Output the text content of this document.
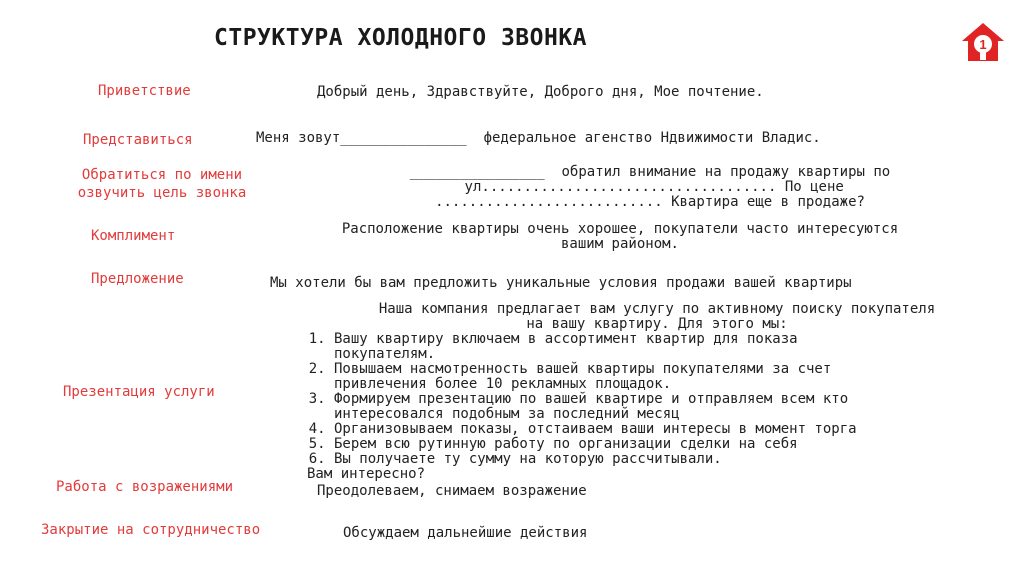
СТРУКТУРА ХОЛОДНОГО ЗВОНКА	1
Приветствие
Представиться
Обратиться по имени
озвучить цель звонка
Комплимент
Предложение
Презентация услуги
Работа с возражениями
Закрытие на сотрудничество
Добрый день, Здравствуйте, Доброго дня, Мое почтение.
Меня зовут_______________  федеральное агенство Ндвижимости Владис.
________________  обратил внимание на продажу квартиры по
ул................................... По цене
........................... Квартира еще в продаже?
Расположение квартиры очень хорошее, покупатели часто интересуются
вашим районом.
Мы хотели бы вам предложить уникальные условия продажи вашей квартиры
Наша компания предлагает вам услугу по активному поиску покупателя
на вашу квартиру. Для этого мы:
1. Вашу квартиру включаем в ассортимент квартир для показа
покупателям.
2. Повышаем насмотренность вашей квартиры покупателями за счет
привлечения более 10 рекламных площадок.
3. Формируем презентацию по вашей квартире и отправляем всем кто
интересовался подобным за последний месяц
4. Организовываем показы, отстаиваем ваши интересы в момент торга
5. Берем всю рутинную работу по организации сделки на себя
6. Вы получаете ту сумму на которую рассчитывали.
Вам интересно?
Преодолеваем, снимаем возражение
Обсуждаем дальнейшие действия
